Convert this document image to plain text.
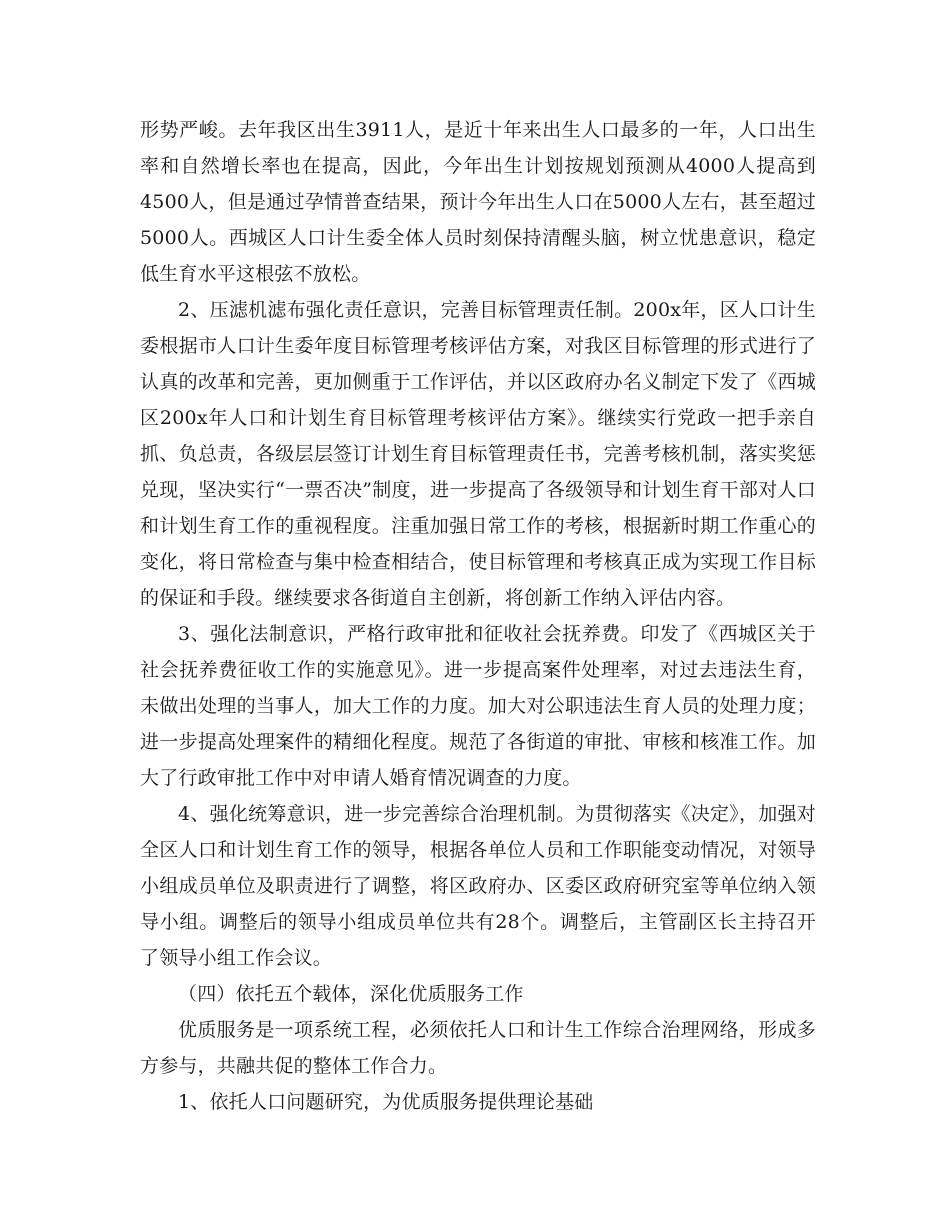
形势严峻。去年我区出生3911人，是近十年来出生人口最多的一年，人口出生率和自然增长率也在提高，因此，今年出生计划按规划预测从4000人提高到4500人，但是通过孕情普查结果，预计今年出生人口在5000人左右，甚至超过5000人。西城区人口计生委全体人员时刻保持清醒头脑，树立忧患意识，稳定低生育水平这根弦不放松。

2、压滤机滤布强化责任意识，完善目标管理责任制。200x年，区人口计生委根据市人口计生委年度目标管理考核评估方案，对我区目标管理的形式进行了认真的改革和完善，更加侧重于工作评估，并以区政府办名义制定下发了《西城区200x年人口和计划生育目标管理考核评估方案》。继续实行党政一把手亲自抓、负总责，各级层层签订计划生育目标管理责任书，完善考核机制，落实奖惩兑现，坚决实行“一票否决”制度，进一步提高了各级领导和计划生育干部对人口和计划生育工作的重视程度。注重加强日常工作的考核，根据新时期工作重心的变化，将日常检查与集中检查相结合，使目标管理和考核真正成为实现工作目标的保证和手段。继续要求各街道自主创新，将创新工作纳入评估内容。

3、强化法制意识，严格行政审批和征收社会抚养费。印发了《西城区关于社会抚养费征收工作的实施意见》。进一步提高案件处理率，对过去违法生育，未做出处理的当事人，加大工作的力度。加大对公职违法生育人员的处理力度；进一步提高处理案件的精细化程度。规范了各街道的审批、审核和核准工作。加大了行政审批工作中对申请人婚育情况调查的力度。

4、强化统筹意识，进一步完善综合治理机制。为贯彻落实《决定》，加强对全区人口和计划生育工作的领导，根据各单位人员和工作职能变动情况，对领导小组成员单位及职责进行了调整，将区政府办、区委区政府研究室等单位纳入领导小组。调整后的领导小组成员单位共有28个。调整后，主管副区长主持召开了领导小组工作会议。

（四）依托五个载体，深化优质服务工作

优质服务是一项系统工程，必须依托人口和计生工作综合治理网络，形成多方参与，共融共促的整体工作合力。

1、依托人口问题研究，为优质服务提供理论基础
